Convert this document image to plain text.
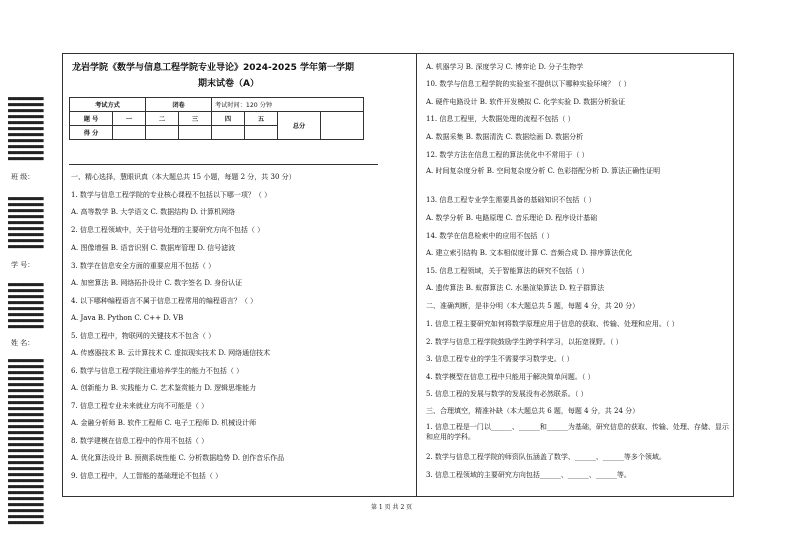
■■■■■■■■■■■■■■
■■■■■■■■■■■■■■
■■■■■■■■■■■■■■
■■■■■■■■■■■■■■
■■■■■■■■■■■■■■
■■■■■■■■■■■■■■
■■■■■■■■■■■■■■
■■■■■■■■■■■■■■
■■■■■■■■■■■■■■
■■■■■■■■■■■■■■
■■■■■■■■■■■■■■
班 级：
■■■■■■■■■■■■■■
■■■■■■■■■■■■■■
■■■■■■■■■■■■■■
■■■■■■■■■■■■■■
■■■■■■■■■■■■■■
■■■■■■■■■■■■■■
■■■■■■■■■■■■■■
■■■■■■■■■■■■■■
■■■■■■■■■■■■■■
学 号：
■■■■■■■■■■■■■■
■■■■■■■■■■■■■■
■■■■■■■■■■■■■■
■■■■■■■■■■■■■■
■■■■■■■■■■■■■■
■■■■■■■■■■■■■■
■■■■■■■■■■■■■■
■■■■■■■■■■■■■■
姓 名：
■■■■■■■■■■■■■■
■■■■■■■■■■■■■■
■■■■■■■■■■■■■■
■■■■■■■■■■■■■■
■■■■■■■■■■■■■■
■■■■■■■■■■■■■■
■■■■■■■■■■■■■■
■■■■■■■■■■■■■■
■■■■■■■■■■■■■■
■■■■■■■■■■■■■■
■■■■■■■■■■■■■■
■■■■■■■■■■■■■■
■■■■■■■■■■■■■■
■■■■■■■■■■■■■■
■■■■■■■■■■■■■■
■■■■■■■■■■■■■■
■■■■■■■■■■■■■■
■■■■■■■■■■■■■■
■■■■■■■■■■■■■■
■■■■■■■■■■■■■■
■■■■■■■■■■■■■■
■■■■■■■■■■■■■■
■■■■■■■■■■■■■■
■■■■■■■■■■■■■■
■■■■■■■■■■■■■■
■■■■■■■■■■■■■■
■■■■■■■■■■■■■■
■■■■■■■■■■■■■■
龙岩学院《数学与信息工程学院专业导论》2024-2025 学年第一学期
期末试卷（A）
考试方式		闭卷		考试时间：120 分钟			
题 号	一	二	三	四	五	总分	
得 分							
一、精心选择，慧眼识真（本大题总共 15 小题，每题 2 分，共 30 分）
1. 数学与信息工程学院的专业核心课程不包括以下哪一项？（ ）
A. 高等数学 B. 大学语文 C. 数据结构 D. 计算机网络
2. 信息工程领域中，关于信号处理的主要研究方向不包括（ ）
A. 图像增强 B. 语音识别 C. 数据库管理 D. 信号滤波
3. 数学在信息安全方面的重要应用不包括（ ）
A. 加密算法 B. 网络拓扑设计 C. 数字签名 D. 身份认证
4. 以下哪种编程语言不属于信息工程常用的编程语言？（ ）
A. Java B. Python C. C++ D. VB
5. 信息工程中，物联网的关键技术不包含（ ）
A. 传感器技术 B. 云计算技术 C. 虚拟现实技术 D. 网络通信技术
6. 数学与信息工程学院注重培养学生的能力不包括（ ）
A. 创新能力 B. 实践能力 C. 艺术鉴赏能力 D. 逻辑思维能力
7. 信息工程专业未来就业方向不可能是（ ）
A. 金融分析师 B. 软件工程师 C. 电子工程师 D. 机械设计师
8. 数学建模在信息工程中的作用不包括（ ）
A. 优化算法设计 B. 预测系统性能 C. 分析数据趋势 D. 创作音乐作品
9. 信息工程中，人工智能的基础理论不包括（ ）
A. 机器学习 B. 深度学习 C. 博弈论 D. 分子生物学
10. 数学与信息工程学院的实验室不提供以下哪种实验环境？（ ）
A. 硬件电路设计 B. 软件开发模拟 C. 化学实验 D. 数据分析验证
11. 信息工程里，大数据处理的流程不包括（ ）
A. 数据采集 B. 数据清洗 C. 数据绘画 D. 数据分析
12. 数学方法在信息工程的算法优化中不常用于（ ）
A. 时间复杂度分析 B. 空间复杂度分析 C. 色彩搭配分析 D. 算法正确性证明
13. 信息工程专业学生需要具备的基础知识不包括（ ）
A. 数学分析 B. 电路原理 C. 音乐理论 D. 程序设计基础
14. 数学在信息检索中的应用不包括（ ）
A. 建立索引结构 B. 文本相似度计算 C. 音频合成 D. 排序算法优化
15. 信息工程领域，关于智能算法的研究不包括（ ）
A. 遗传算法 B. 蚁群算法 C. 水墨渲染算法 D. 粒子群算法
二、准确判断，是非分明（本大题总共 5 题，每题 4 分，共 20 分）
1. 信息工程主要研究如何将数学原理应用于信息的获取、传输、处理和应用。（ ）
2. 数学与信息工程学院鼓励学生跨学科学习，以拓宽视野。（ ）
3. 信息工程专业的学生不需要学习数学史。（ ）
4. 数学模型在信息工程中只能用于解决简单问题。（ ）
5. 信息工程的发展与数学的发展没有必然联系。（ ）
三、合理填空，精准补缺（本大题总共 6 题，每题 4 分，共 24 分）
1. 信息工程是一门以______、______和______为基础，研究信息的获取、传输、处理、存储、显示和应用的学科。
2. 数学与信息工程学院的师资队伍涵盖了数学、______、______等多个领域。
3. 信息工程领域的主要研究方向包括______、______、______等。
第 1 页 共 2 页
